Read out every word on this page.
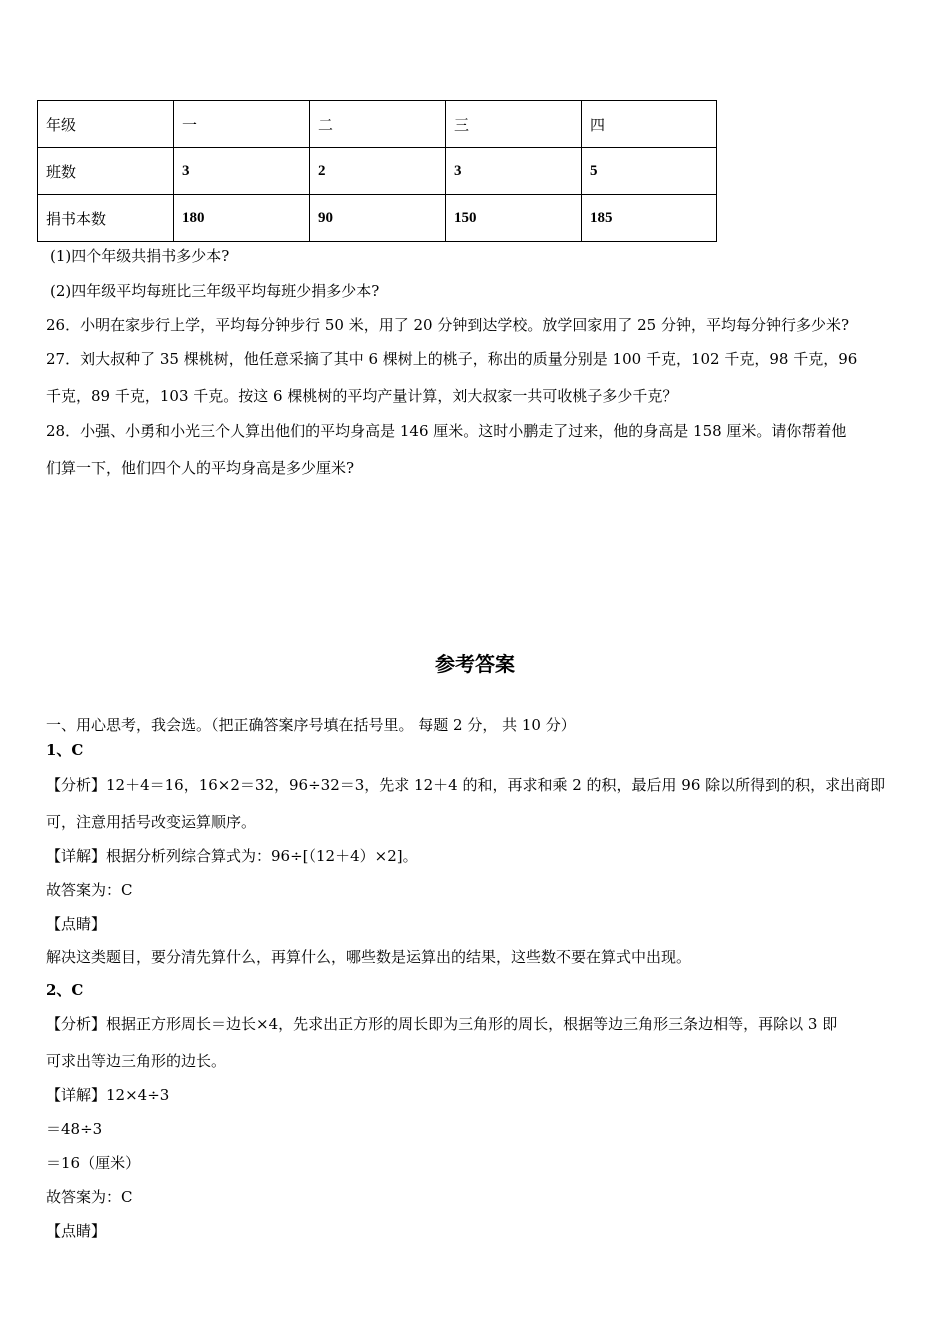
年级	一	二	三	四
班数	3	2	3	5
捐书本数	180	90	150	185
(1)四个年级共捐书多少本?
(2)四年级平均每班比三年级平均每班少捐多少本?
26．小明在家步行上学，平均每分钟步行 50 米，用了 20 分钟到达学校。放学回家用了 25 分钟，平均每分钟行多少米?
27．刘大叔种了 35 棵桃树，他任意采摘了其中 6 棵树上的桃子，称出的质量分别是 100 千克，102 千克，98 千克，96
千克，89 千克，103 千克。按这 6 棵桃树的平均产量计算，刘大叔家一共可收桃子多少千克？
28．小强、小勇和小光三个人算出他们的平均身高是 146 厘米。这时小鹏走了过来，他的身高是 158 厘米。请你帮着他
们算一下，他们四个人的平均身高是多少厘米?
参考答案
一、用心思考，我会选。（把正确答案序号填在括号里。 每题 2 分， 共 10 分）
1、C
【分析】12＋4＝16，16×2＝32，96÷32＝3，先求 12＋4 的和，再求和乘 2 的积，最后用 96 除以所得到的积，求出商即
可，注意用括号改变运算顺序。
【详解】根据分析列综合算式为：96÷[（12＋4）×2]。
故答案为：C
【点睛】
解决这类题目，要分清先算什么，再算什么，哪些数是运算出的结果，这些数不要在算式中出现。
2、C
【分析】根据正方形周长＝边长×4，先求出正方形的周长即为三角形的周长，根据等边三角形三条边相等，再除以 3 即
可求出等边三角形的边长。
【详解】12×4÷3
＝48÷3
＝16（厘米）
故答案为：C
【点睛】
